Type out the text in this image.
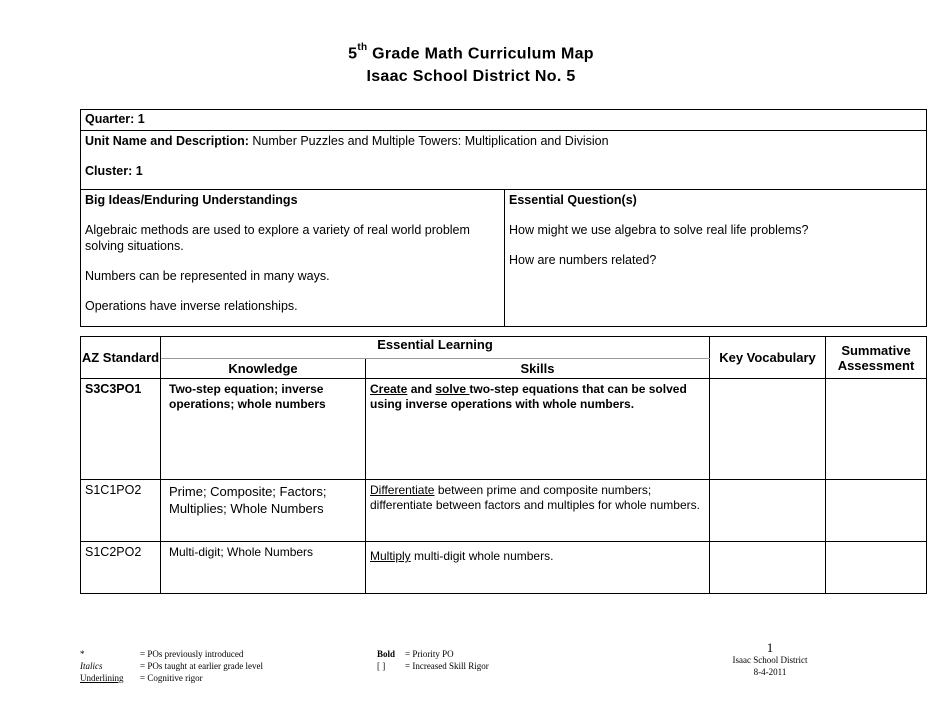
5th Grade Math Curriculum Map
Isaac School District No. 5
Quarter: 1

Unit Name and Description: Number Puzzles and Multiple Towers: Multiplication and Division

Cluster: 1

Big Ideas/Enduring Understandings

Algebraic methods are used to explore a variety of real world problem solving situations.

Numbers can be represented in many ways.

Operations have inverse relationships.

Essential Question(s)

How might we use algebra to solve real life problems?

How are numbers related?

AZ Standard	Essential Learning		Key Vocabulary	Summative Assessment
	Knowledge	Skills		
S3C3PO1	Two-step equation; inverse operations; whole numbers	Create and solve two-step equations that can be solved using inverse operations with whole numbers.		
S1C1PO2	Prime; Composite; Factors; Multiplies; Whole Numbers	Differentiate between prime and composite numbers; differentiate between factors and multiples for whole numbers.		
S1C2PO2	Multi-digit; Whole Numbers	Multiply multi-digit whole numbers.		
*	= POs previously introduced
Italics	= POs taught at earlier grade level
Underlining	= Cognitive rigor
Bold	= Priority PO
[ ]	= Increased Skill Rigor
1
Isaac School District
8-4-2011
